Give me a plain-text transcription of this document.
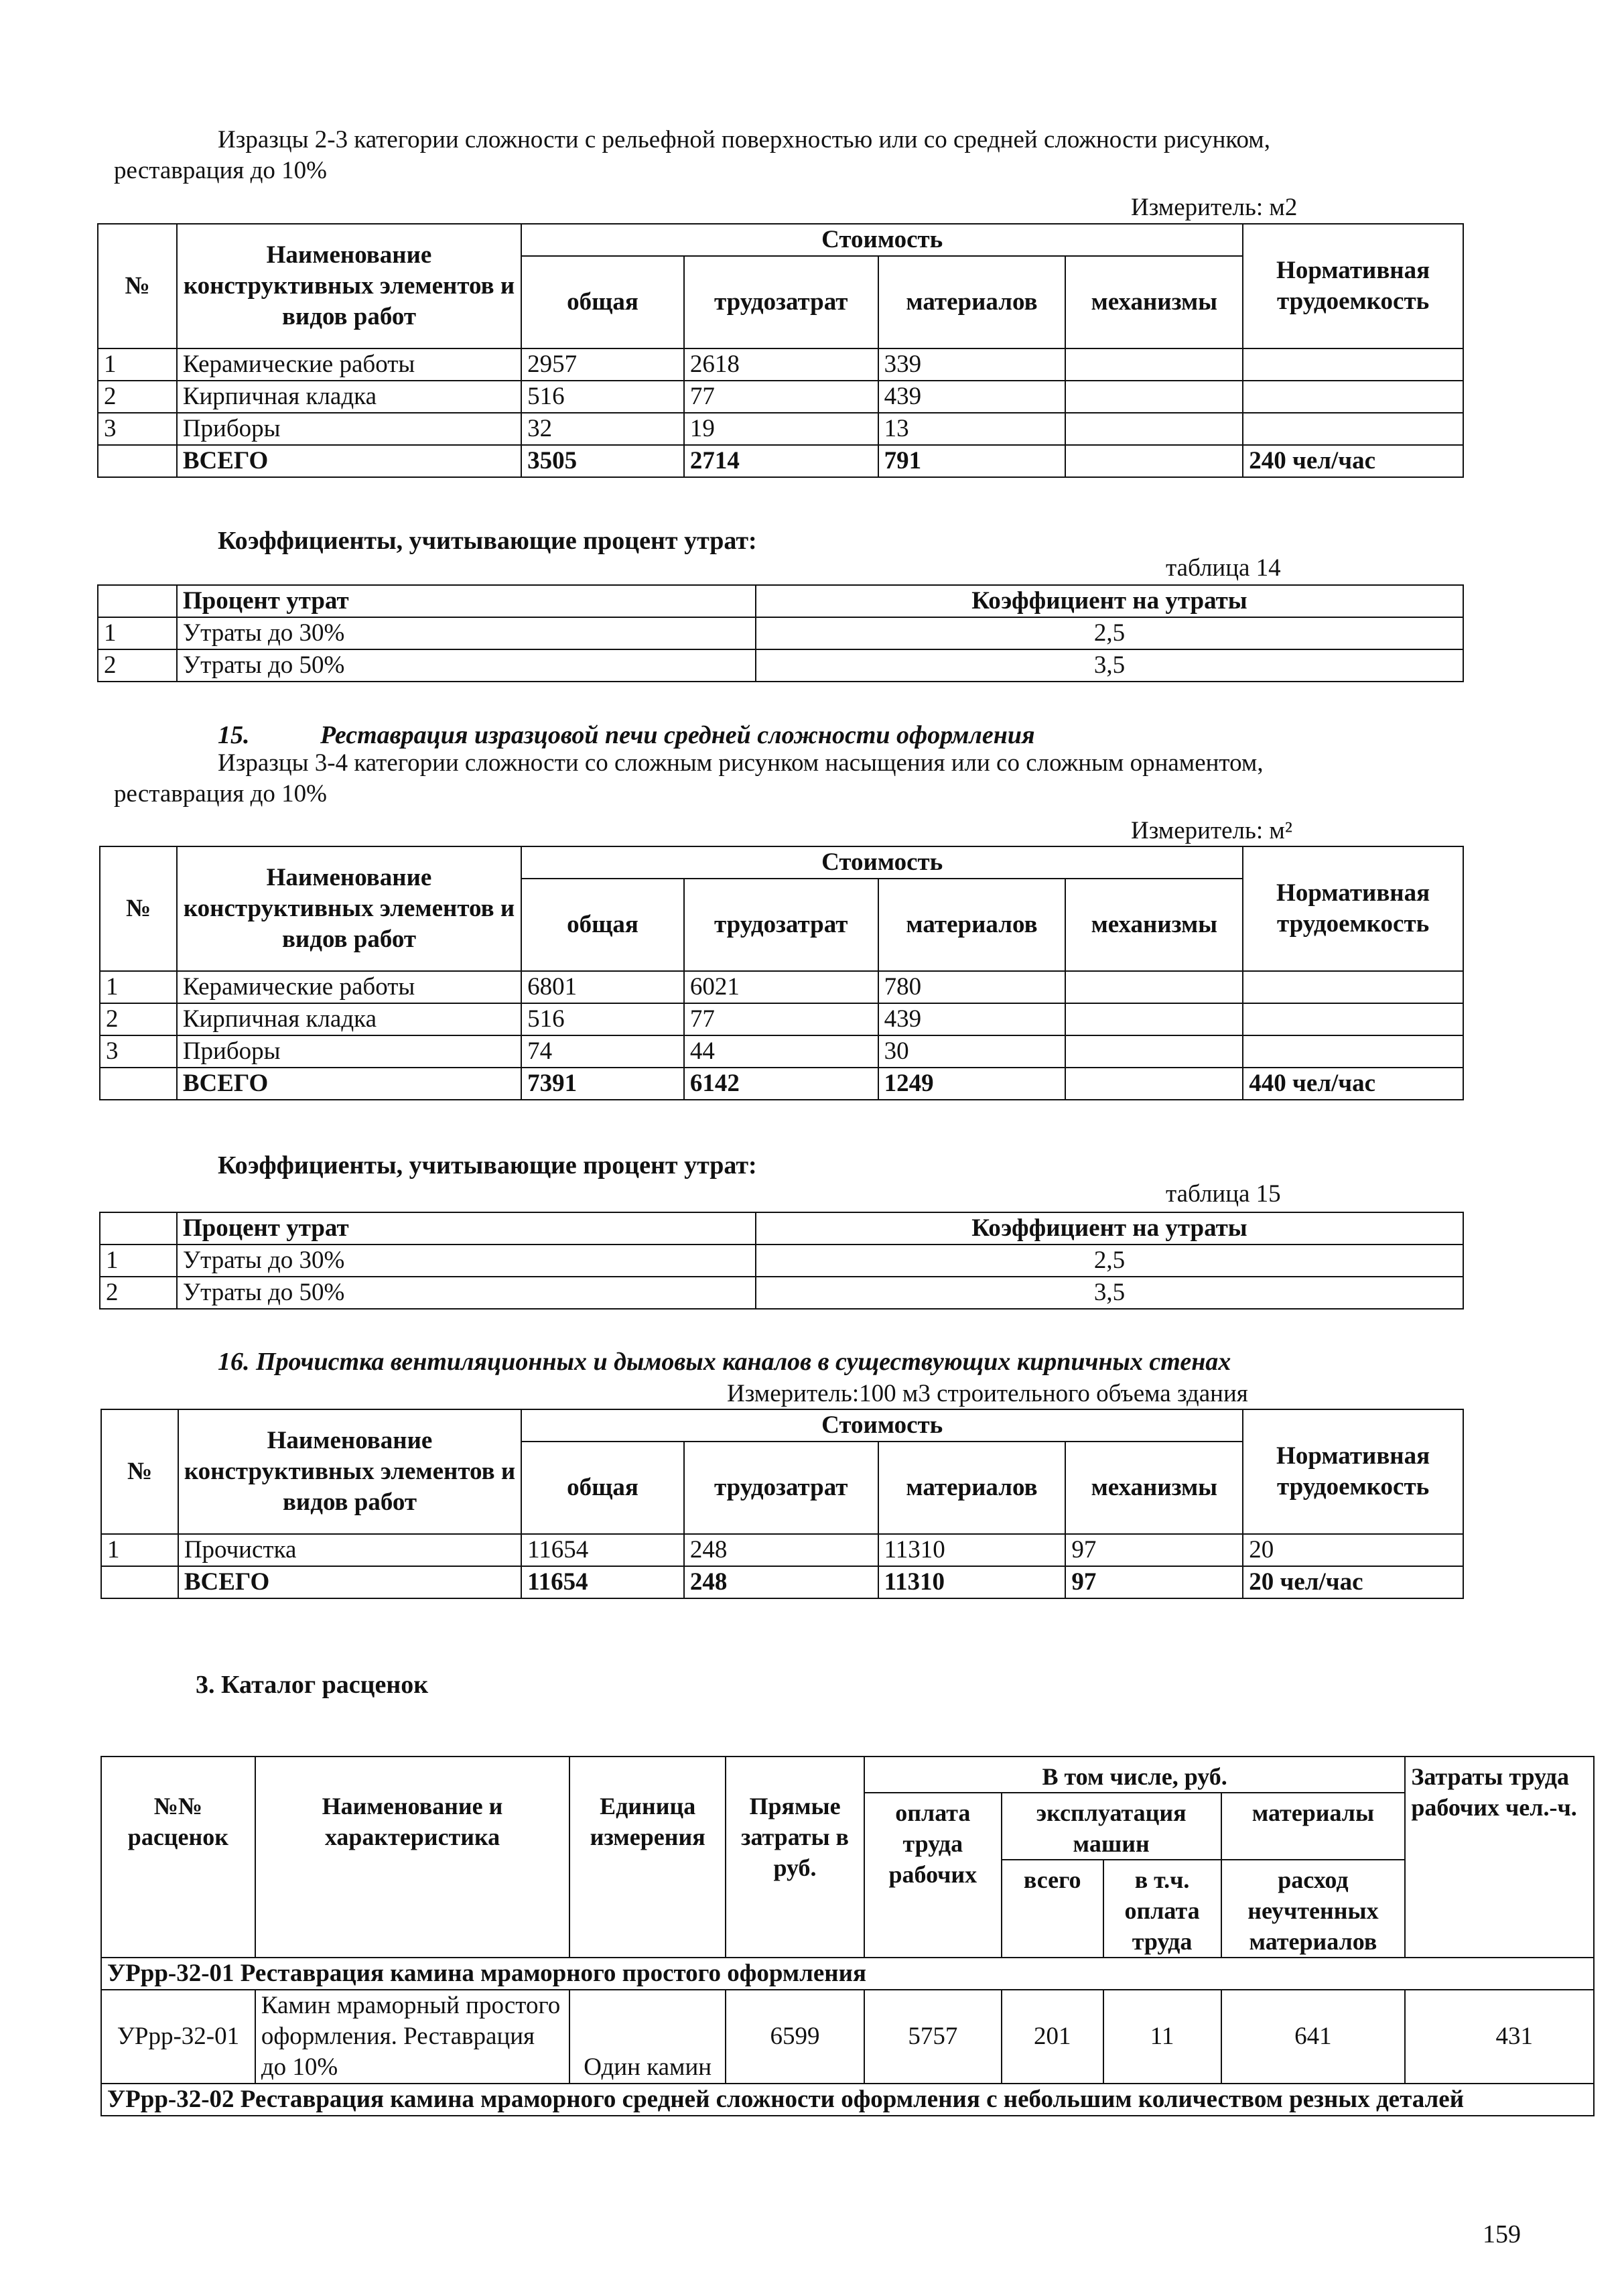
Изразцы 2-3 категории сложности с рельефной поверхностью или со средней сложности рисунком,
реставрация до 10%
Измеритель: м2
№	Наименование конструктивных элементов и видов работ	Стоимость				Нормативная трудоемкость
		общая	трудозатрат	материалов	механизмы	
1	Керамические работы	2957	2618	339		
2	Кирпичная кладка	516	77	439		
3	Приборы	32	19	13		
	ВСЕГО	3505	2714	791		240 чел/час
Коэффициенты, учитывающие процент утрат:
таблица 14
	Процент утрат	Коэффициент на утраты
1	Утраты до 30%	2,5
2	Утраты до 50%	3,5
15.	Реставрация изразцовой печи средней сложности оформления
Изразцы 3-4 категории сложности со сложным рисунком насыщения или со сложным орнаментом,
реставрация до 10%
Измеритель: м²
№	Наименование конструктивных элементов и видов работ	Стоимость				Нормативная трудоемкость
		общая	трудозатрат	материалов	механизмы	
1	Керамические работы	6801	6021	780		
2	Кирпичная кладка	516	77	439		
3	Приборы	74	44	30		
	ВСЕГО	7391	6142	1249		440 чел/час
Коэффициенты, учитывающие процент утрат:
таблица 15
	Процент утрат	Коэффициент на утраты
1	Утраты до 30%	2,5
2	Утраты до 50%	3,5
16. Прочистка вентиляционных и дымовых каналов в существующих кирпичных стенах
Измеритель:100 м3 строительного объема здания
№	Наименование конструктивных элементов и видов работ	Стоимость				Нормативная трудоемкость
		общая	трудозатрат	материалов	механизмы	
1	Прочистка	11654	248	11310	97	20
	ВСЕГО	11654	248	11310	97	20 чел/час
3. Каталог расценок
№№ расценок	Наименование и характеристика	Единица измерения	Прямые затраты в руб.	В том числе, руб.				Затраты труда рабочих чел.-ч.
				оплата труда рабочих	эксплуатация машин		материалы	
					всего	в т.ч. оплата труда	расход неучтенных материалов	
УРрр-32-01 Реставрация камина мраморного простого оформления								
УРрр-32-01	Камин мраморный простого оформления. Реставрация до 10%	Один камин	6599	5757	201	11	641	431
УРрр-32-02 Реставрация камина мраморного средней сложности оформления с небольшим количеством резных деталей								
159
